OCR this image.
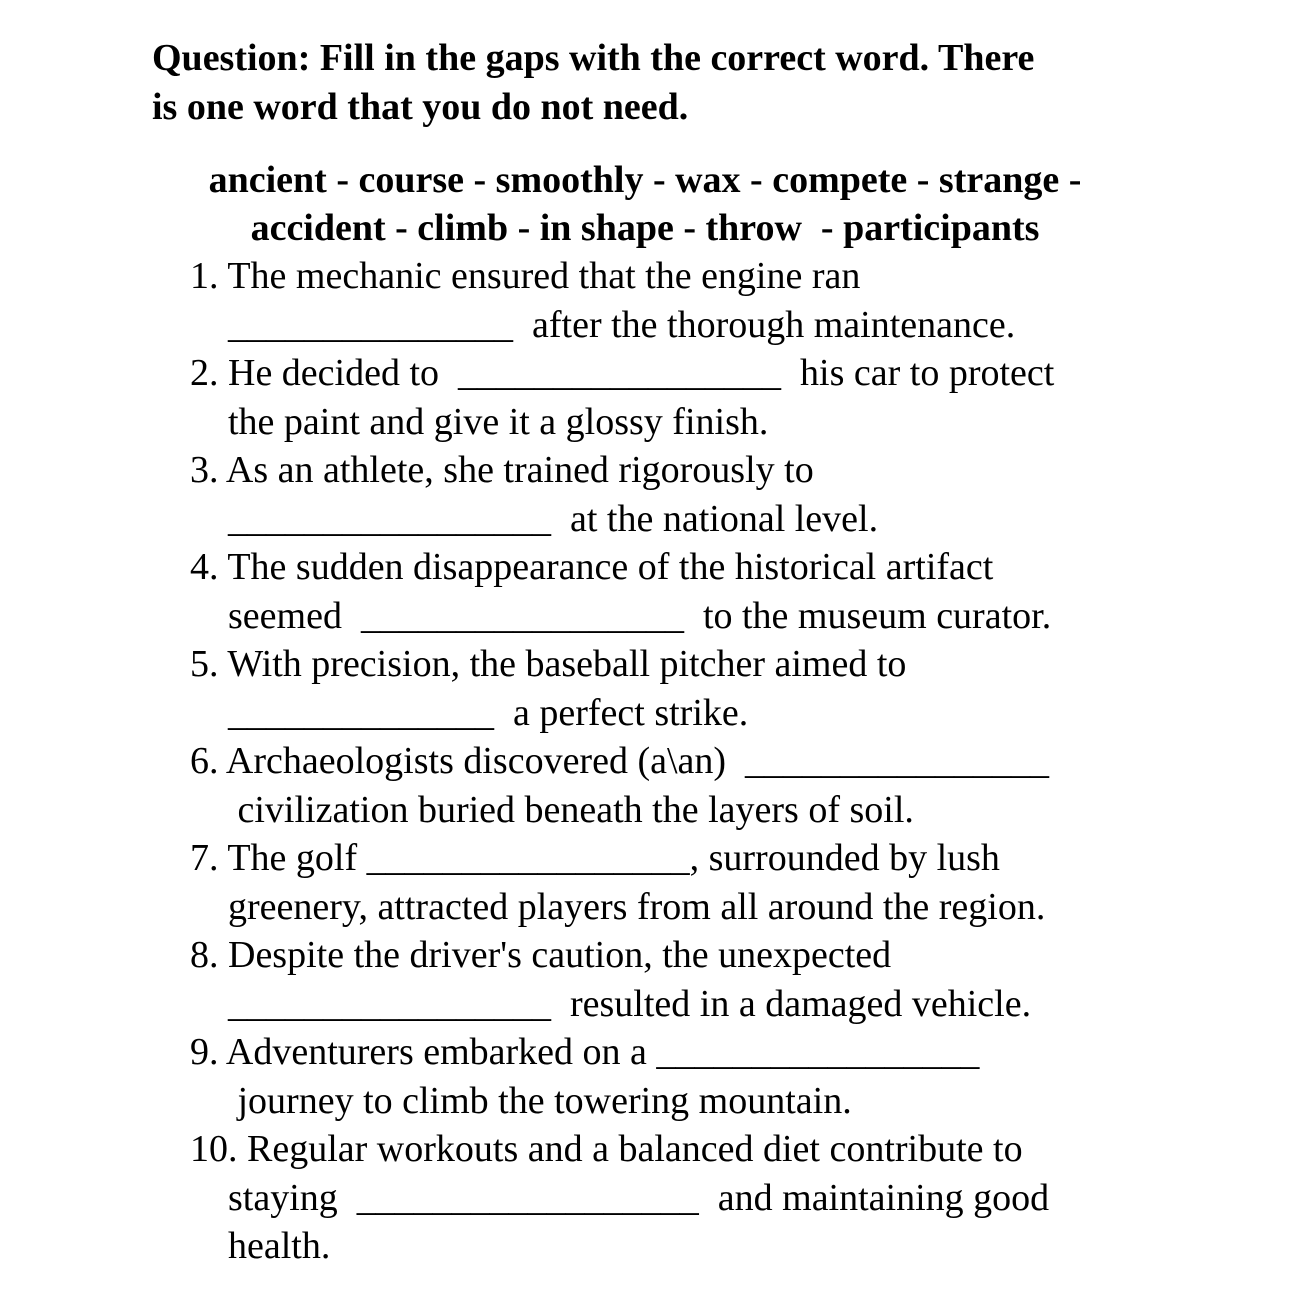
Question: Fill in the gaps with the correct word. There
is one word that you do not need.
ancient - course - smoothly - wax - compete - strange -
accident - climb - in shape - throw  - participants
1. The mechanic ensured that the engine ran
_______________  after the thorough maintenance.
2. He decided to  _________________  his car to protect
the paint and give it a glossy finish.
3. As an athlete, she trained rigorously to
_________________  at the national level.
4. The sudden disappearance of the historical artifact
seemed  _________________  to the museum curator.
5. With precision, the baseball pitcher aimed to
______________  a perfect strike.
6. Archaeologists discovered (a\an)  ________________
civilization buried beneath the layers of soil.
7. The golf _________________, surrounded by lush
greenery, attracted players from all around the region.
8. Despite the driver's caution, the unexpected
_________________  resulted in a damaged vehicle.
9. Adventurers embarked on a _________________
journey to climb the towering mountain.
10. Regular workouts and a balanced diet contribute to
staying  __________________  and maintaining good
health.
